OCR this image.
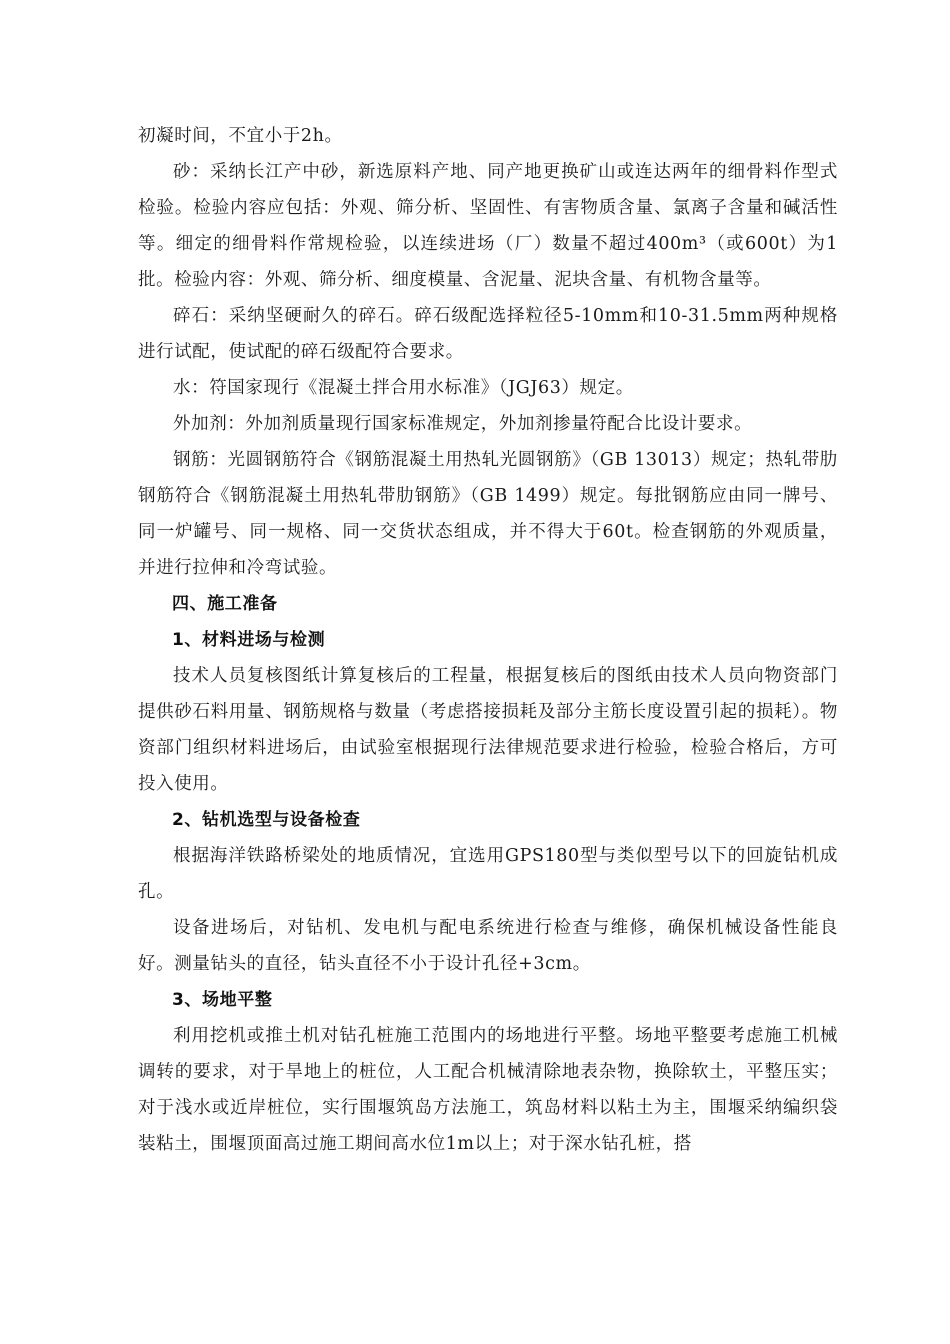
初凝时间，不宜小于2h。

砂：采纳长江产中砂，新选原料产地、同产地更换矿山或连达两年的细骨料作型式检验。检验内容应包括：外观、筛分析、坚固性、有害物质含量、氯离子含量和碱活性等。细定的细骨料作常规检验，以连续进场（厂）数量不超过400m³（或600t）为1批。检验内容：外观、筛分析、细度模量、含泥量、泥块含量、有机物含量等。

碎石：采纳坚硬耐久的碎石。碎石级配选择粒径5-10mm和10-31.5mm两种规格进行试配，使试配的碎石级配符合要求。

水：符国家现行《混凝土拌合用水标准》（JGJ63）规定。

外加剂：外加剂质量现行国家标准规定，外加剂掺量符配合比设计要求。

钢筋：光圆钢筋符合《钢筋混凝土用热轧光圆钢筋》（GB 13013）规定；热轧带肋钢筋符合《钢筋混凝土用热轧带肋钢筋》（GB 1499）规定。每批钢筋应由同一牌号、同一炉罐号、同一规格、同一交货状态组成，并不得大于60t。检查钢筋的外观质量，并进行拉伸和冷弯试验。

四、施工准备

1、材料进场与检测

技术人员复核图纸计算复核后的工程量，根据复核后的图纸由技术人员向物资部门提供砂石料用量、钢筋规格与数量（考虑搭接损耗及部分主筋长度设置引起的损耗）。物资部门组织材料进场后，由试验室根据现行法律规范要求进行检验，检验合格后，方可投入使用。

2、钻机选型与设备检查

根据海洋铁路桥梁处的地质情况，宜选用GPS180型与类似型号以下的回旋钻机成孔。

设备进场后，对钻机、发电机与配电系统进行检查与维修，确保机械设备性能良好。测量钻头的直径，钻头直径不小于设计孔径+3cm。

3、场地平整

利用挖机或推土机对钻孔桩施工范围内的场地进行平整。场地平整要考虑施工机械调转的要求，对于旱地上的桩位，人工配合机械清除地表杂物，换除软土，平整压实；对于浅水或近岸桩位，实行围堰筑岛方法施工，筑岛材料以粘土为主，围堰采纳编织袋装粘土，围堰顶面高过施工期间高水位1m以上；对于深水钻孔桩，搭
